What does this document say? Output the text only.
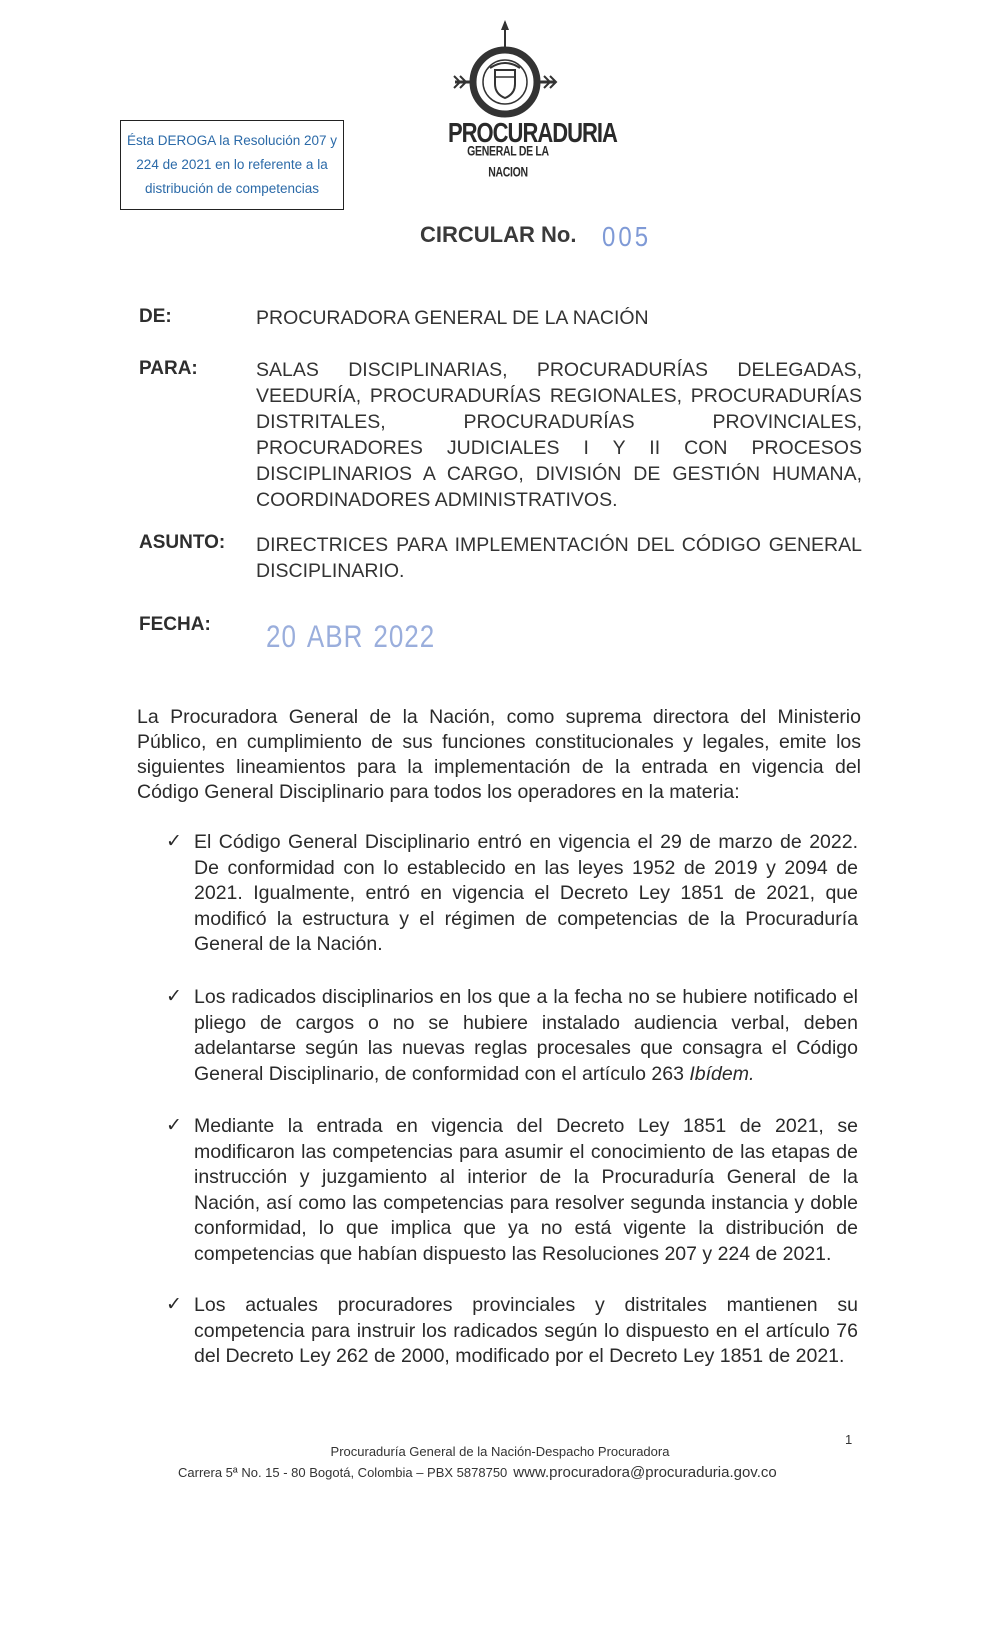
Ésta DEROGA la Resolución 207 y
224 de 2021 en lo referente a la
distribución de competencias
PROCURADURIA
GENERAL DE LA NACION
CIRCULAR No. 005
DE:	PROCURADORA GENERAL DE LA NACIÓN
PARA:	SALAS DISCIPLINARIAS, PROCURADURÍAS DELEGADAS, VEEDURÍA, PROCURADURÍAS REGIONALES, PROCURADURÍAS DISTRITALES, PROCURADURÍAS PROVINCIALES, PROCURADORES JUDICIALES I Y II CON PROCESOS DISCIPLINARIOS A CARGO, DIVISIÓN DE GESTIÓN HUMANA, COORDINADORES ADMINISTRATIVOS.
ASUNTO: DIRECTRICES PARA IMPLEMENTACIÓN DEL CÓDIGO GENERAL DISCIPLINARIO.
FECHA: 20 ABR 2022
La Procuradora General de la Nación, como suprema directora del Ministerio Público, en cumplimiento de sus funciones constitucionales y legales, emite los siguientes lineamientos para la implementación de la entrada en vigencia del Código General Disciplinario para todos los operadores en la materia:
✓ El Código General Disciplinario entró en vigencia el 29 de marzo de 2022. De conformidad con lo establecido en las leyes 1952 de 2019 y 2094 de 2021. Igualmente, entró en vigencia el Decreto Ley 1851 de 2021, que modificó la estructura y el régimen de competencias de la Procuraduría General de la Nación.
✓ Los radicados disciplinarios en los que a la fecha no se hubiere notificado el pliego de cargos o no se hubiere instalado audiencia verbal, deben adelantarse según las nuevas reglas procesales que consagra el Código General Disciplinario, de conformidad con el artículo 263 Ibídem.
✓ Mediante la entrada en vigencia del Decreto Ley 1851 de 2021, se modificaron las competencias para asumir el conocimiento de las etapas de instrucción y juzgamiento al interior de la Procuraduría General de la Nación, así como las competencias para resolver segunda instancia y doble conformidad, lo que implica que ya no está vigente la distribución de competencias que habían dispuesto las Resoluciones 207 y 224 de 2021.
✓ Los actuales procuradores provinciales y distritales mantienen su competencia para instruir los radicados según lo dispuesto en el artículo 76 del Decreto Ley 262 de 2000, modificado por el Decreto Ley 1851 de 2021.
1
Procuraduría General de la Nación-Despacho Procuradora
Carrera 5ª No. 15 - 80 Bogotá, Colombia – PBX 5878750 www.procuradora@procuraduria.gov.co
